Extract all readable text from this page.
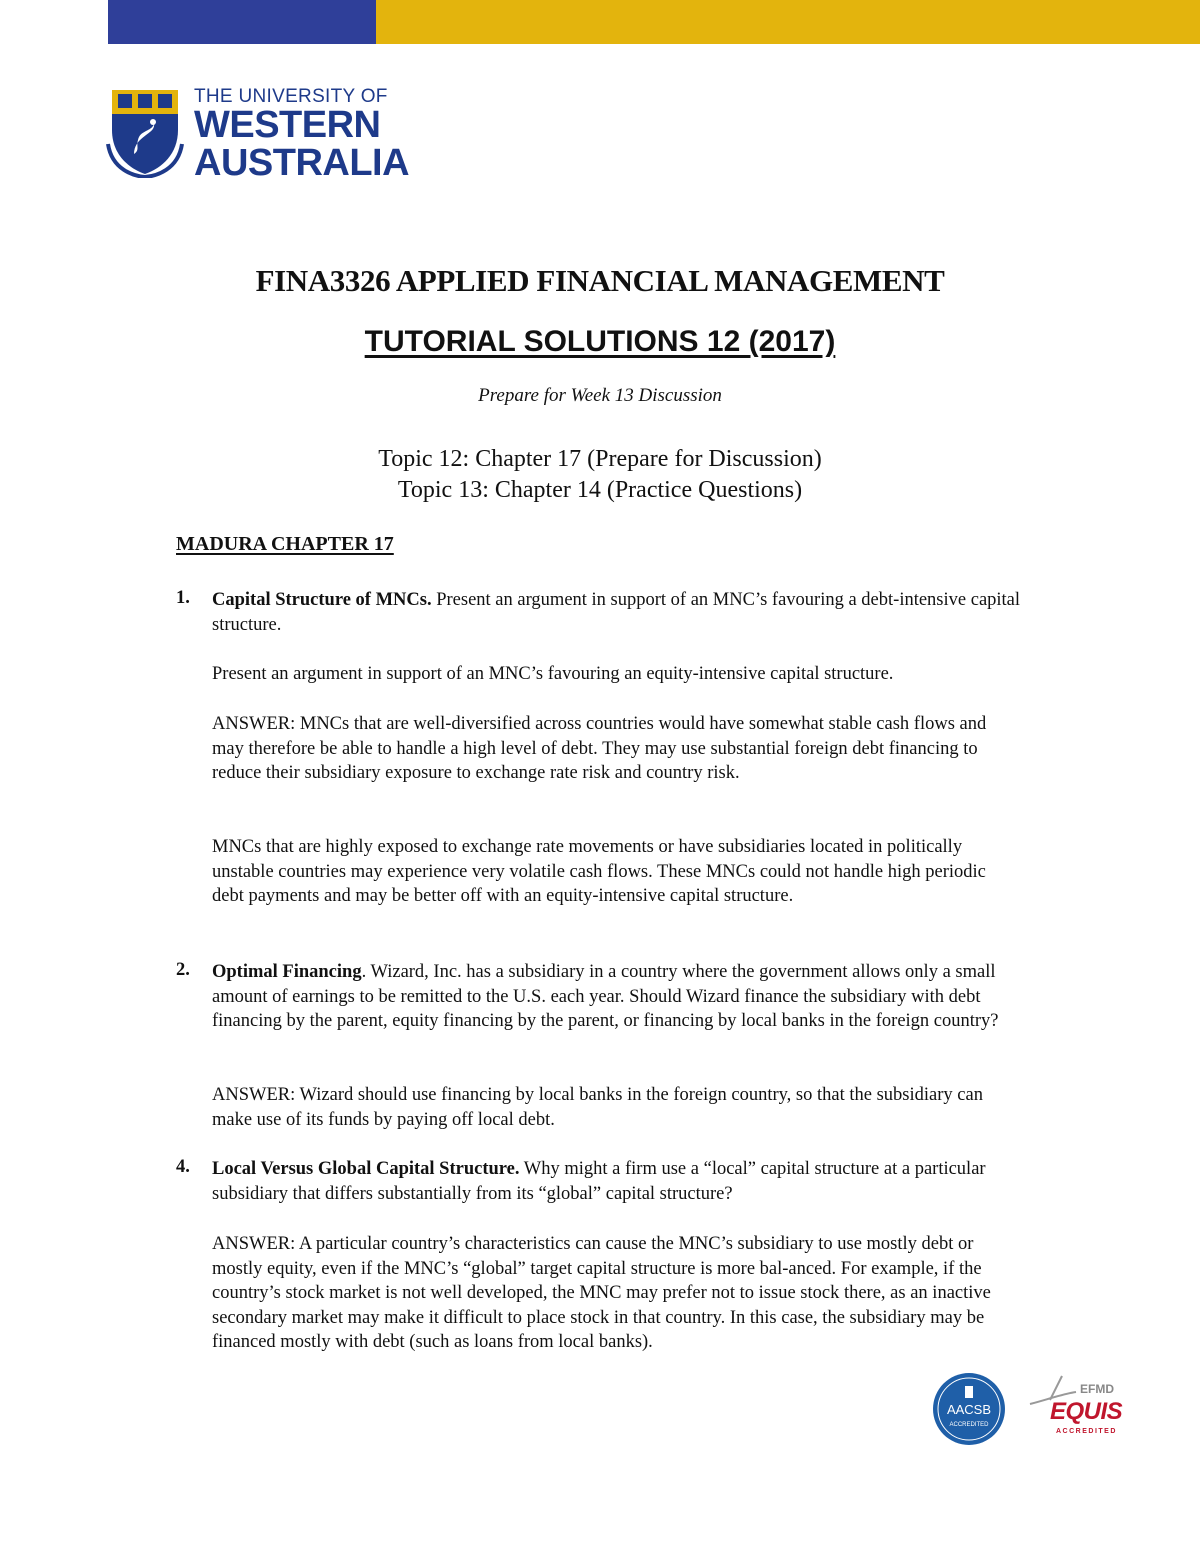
THE UNIVERSITY OF
WESTERN
AUSTRALIA
FINA3326 APPLIED FINANCIAL MANAGEMENT
TUTORIAL SOLUTIONS 12 (2017)
Prepare for Week 13 Discussion
Topic 12: Chapter 17 (Prepare for Discussion)
Topic 13: Chapter 14 (Practice Questions)
MADURA CHAPTER 17
1. Capital Structure of MNCs. Present an argument in support of an MNC’s favouring a debt-intensive capital structure.
Present an argument in support of an MNC’s favouring an equity-intensive capital structure.
ANSWER: MNCs that are well-diversified across countries would have somewhat stable cash flows and may therefore be able to handle a high level of debt. They may use substantial foreign debt financing to reduce their subsidiary exposure to exchange rate risk and country risk.
MNCs that are highly exposed to exchange rate movements or have subsidiaries located in politically unstable countries may experience very volatile cash flows. These MNCs could not handle high periodic debt payments and may be better off with an equity-intensive capital structure.
2. Optimal Financing. Wizard, Inc. has a subsidiary in a country where the government allows only a small amount of earnings to be remitted to the U.S. each year. Should Wizard finance the subsidiary with debt financing by the parent, equity financing by the parent, or financing by local banks in the foreign country?
ANSWER: Wizard should use financing by local banks in the foreign country, so that the subsidiary can make use of its funds by paying off local debt.
4. Local Versus Global Capital Structure. Why might a firm use a “local” capital structure at a particular subsidiary that differs substantially from its “global” capital structure?
ANSWER: A particular country’s characteristics can cause the MNC’s subsidiary to use mostly debt or mostly equity, even if the MNC’s “global” target capital structure is more bal-anced. For example, if the country’s stock market is not well developed, the MNC may prefer not to issue stock there, as an inactive secondary market may make it difficult to place stock in that country. In this case, the subsidiary may be financed mostly with debt (such as loans from local banks).
AACSB
ACCREDITED
EFMD
EQUIS
ACCREDITED
